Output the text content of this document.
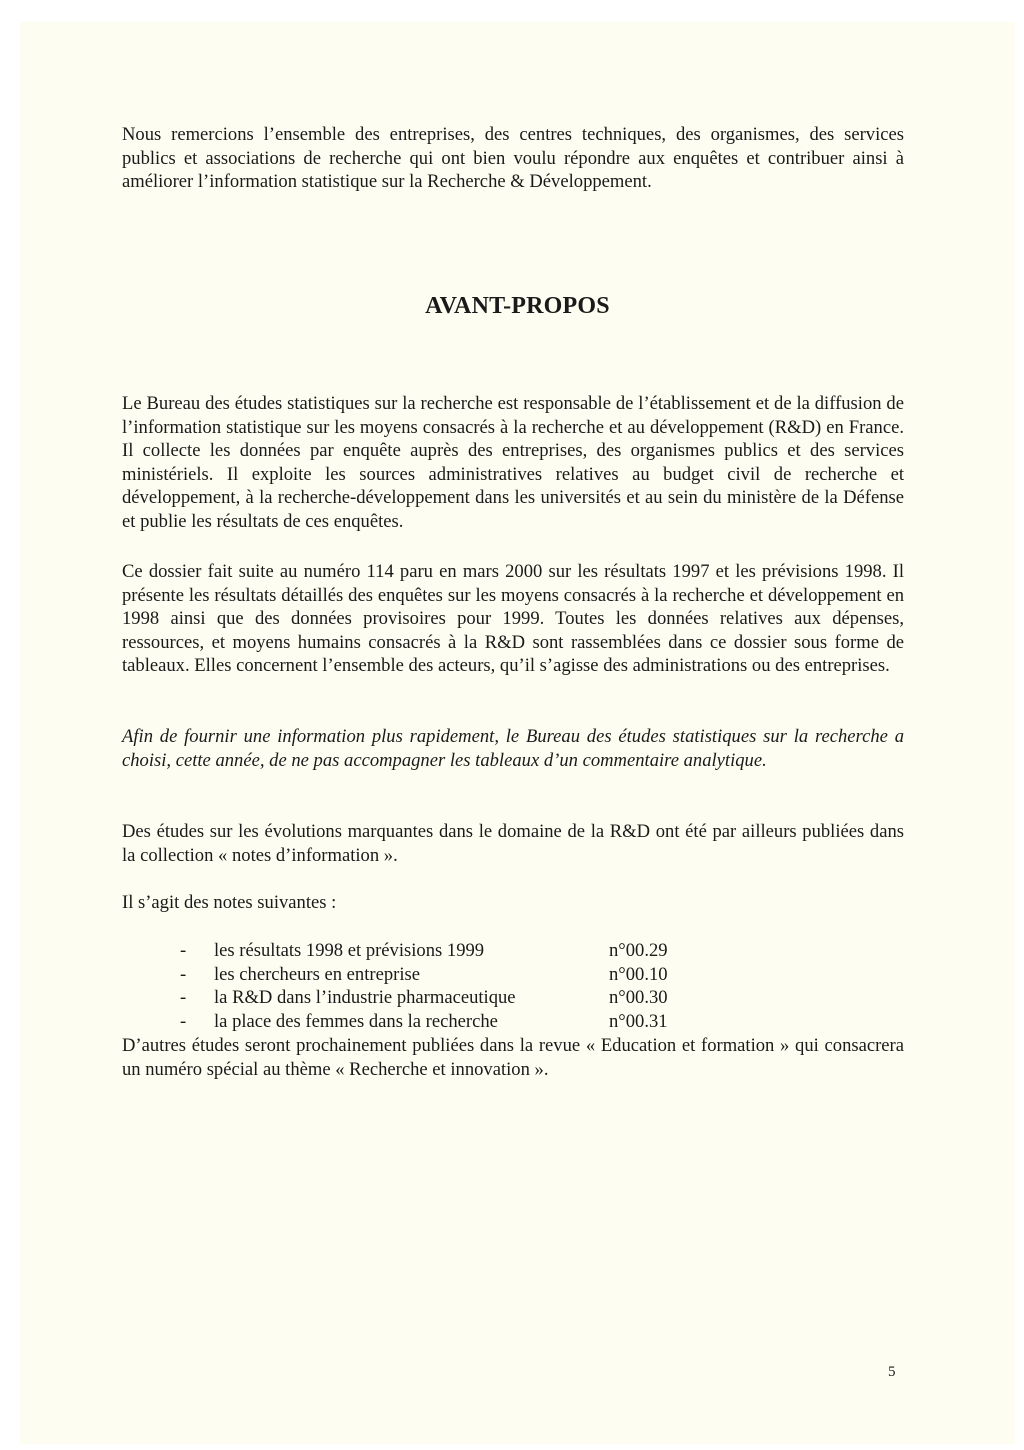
Nous remercions l’ensemble des entreprises, des centres techniques, des organismes, des services publics et associations de recherche qui ont bien voulu répondre aux enquêtes et contribuer ainsi à améliorer l’information statistique sur la Recherche & Développement.

AVANT-PROPOS

Le Bureau des études statistiques sur la recherche est responsable de l’établissement et de la diffusion de l’information statistique sur les moyens consacrés à la recherche et au développement (R&D) en France. Il collecte les données par enquête auprès des entreprises, des organismes publics et des services ministériels. Il exploite les sources administratives relatives au budget civil de recherche et développement, à la recherche-développement dans les universités et au sein du ministère de la Défense et publie les résultats de ces enquêtes.

Ce dossier fait suite au numéro 114 paru en mars 2000 sur les résultats 1997 et les prévisions 1998. Il présente les résultats détaillés des enquêtes sur les moyens consacrés à la recherche et développement en 1998 ainsi que des données provisoires pour 1999. Toutes les données relatives aux dépenses, ressources, et moyens humains consacrés à la R&D sont rassemblées dans ce dossier sous forme de tableaux. Elles concernent l’ensemble des acteurs, qu’il s’agisse des administrations ou des entreprises.

Afin de fournir une information plus rapidement, le Bureau des études statistiques sur la recherche a choisi, cette année, de ne pas accompagner les tableaux d’un commentaire analytique.

Des études sur les évolutions marquantes dans le domaine de la R&D ont été par ailleurs publiées dans la collection « notes d’information ».

Il s’agit des notes suivantes :

- les résultats 1998 et prévisions 1999	n°00.29
- les chercheurs en entreprise	n°00.10
- la R&D dans l’industrie pharmaceutique	n°00.30
- la place des femmes dans la recherche	n°00.31

D’autres études seront prochainement publiées dans la revue « Education et formation » qui consacrera un numéro spécial au thème « Recherche et innovation ».

5
